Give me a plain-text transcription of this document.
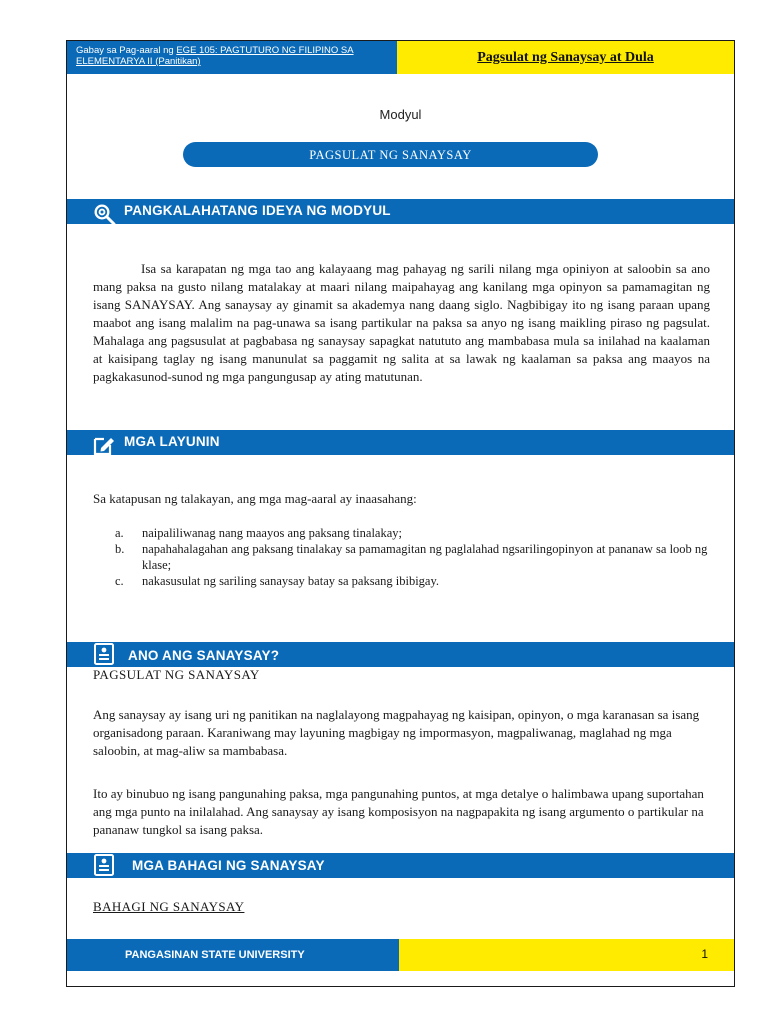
Gabay sa Pag-aaral ng EGE 105: PAGTUTURO NG FILIPINO SA
ELEMENTARYA II (Panitikan)	Pagsulat ng Sanaysay at Dula
Modyul
PAGSULAT NG SANAYSAY
PANGKALAHATANG IDEYA NG MODYUL
Isa sa karapatan ng mga tao ang kalayaang mag pahayag ng sarili nilang mga opiniyon at saloobin sa ano mang paksa na gusto nilang matalakay at maari nilang maipahayag ang kanilang mga opinyon sa pamamagitan ng isang SANAYSAY. Ang sanaysay ay ginamit sa akademya nang daang siglo. Nagbibigay ito ng isang paraan upang maabot ang isang malalim na pag-unawa sa isang partikular na paksa sa anyo ng isang maikling piraso ng pagsulat. Mahalaga ang pagsusulat at pagbabasa ng sanaysay sapagkat natututo ang mambabasa mula sa inilahad na kaalaman at kaisipang taglay ng isang manunulat sa paggamit ng salita at sa lawak ng kaalaman sa paksa ang maayos na pagkakasunod-sunod ng mga pangungusap ay ating matutunan.
MGA LAYUNIN
Sa katapusan ng talakayan, ang mga mag-aaral ay inaasahang:
a. naipaliliwanag nang maayos ang paksang tinalakay;
b. napahahalagahan ang paksang tinalakay sa pamamagitan ng paglalahad ngsarilingopinyon at pananaw sa loob ng klase;
c. nakasusulat ng sariling sanaysay batay sa paksang ibibigay.
ANO ANG SANAYSAY?
PAGSULAT NG SANAYSAY
Ang sanaysay ay isang uri ng panitikan na naglalayong magpahayag ng kaisipan, opinyon, o mga karanasan sa isang organisadong paraan. Karaniwang may layuning magbigay ng impormasyon, magpaliwanag, maglahad ng mga saloobin, at mag-aliw sa mambabasa.
Ito ay binubuo ng isang pangunahing paksa, mga pangunahing puntos, at mga detalye o halimbawa upang suportahan ang mga punto na inilalahad. Ang sanaysay ay isang komposisyon na nagpapakita ng isang argumento o partikular na pananaw tungkol sa isang paksa.
MGA BAHAGI NG SANAYSAY
BAHAGI NG SANAYSAY
PANGASINAN STATE UNIVERSITY	1
